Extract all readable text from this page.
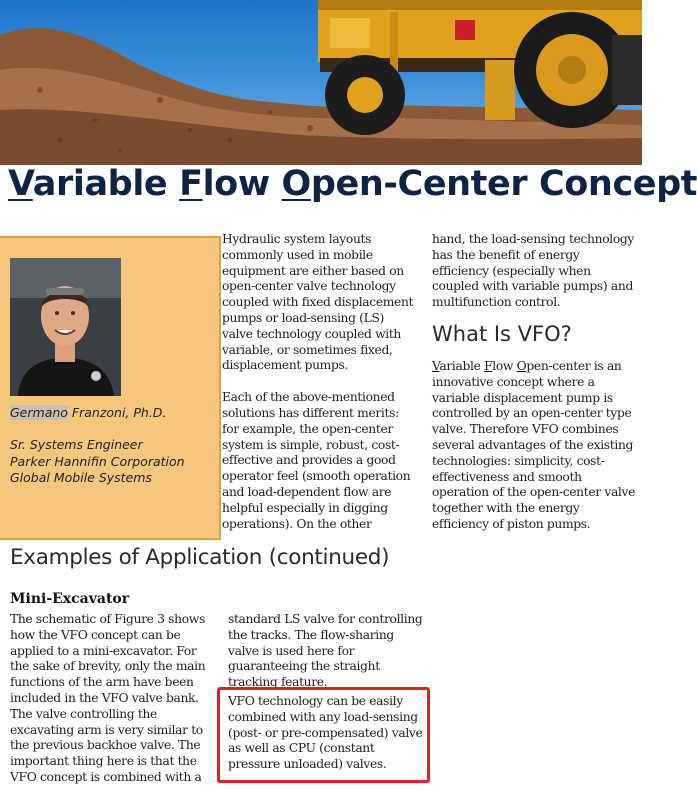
Variable Flow Open-Center Concept
Germano Franzoni, Ph.D.
Sr. Systems Engineer
Parker Hannifin Corporation
Global Mobile Systems

Hydraulic system layouts commonly used in mobile equipment are either based on open-center valve technology coupled with fixed displacement pumps or load-sensing (LS) valve technology coupled with variable, or sometimes fixed, displacement pumps.

Each of the above-mentioned solutions has different merits: for example, the open-center system is simple, robust, cost-effective and provides a good operator feel (smooth operation and load-dependent flow are helpful especially in digging operations). On the other

hand, the load-sensing technology has the benefit of energy efficiency (especially when coupled with variable pumps) and multifunction control.

What Is VFO?

Variable Flow Open-center is an innovative concept where a variable displacement pump is controlled by an open-center type valve. Therefore VFO combines several advantages of the existing technologies: simplicity, cost-effectiveness and smooth operation of the open-center valve together with the energy efficiency of piston pumps.

Examples of Application (continued)
Mini-Excavator

The schematic of Figure 3 shows how the VFO concept can be applied to a mini-excavator. For the sake of brevity, only the main functions of the arm have been included in the VFO valve bank. The valve controlling the excavating arm is very similar to the previous backhoe valve. The important thing here is that the VFO concept is combined with a

standard LS valve for controlling the tracks. The flow-sharing valve is used here for guaranteeing the straight tracking feature.

VFO technology can be easily combined with any load-sensing (post- or pre-compensated) valve as well as CPU (constant pressure unloaded) valves.
